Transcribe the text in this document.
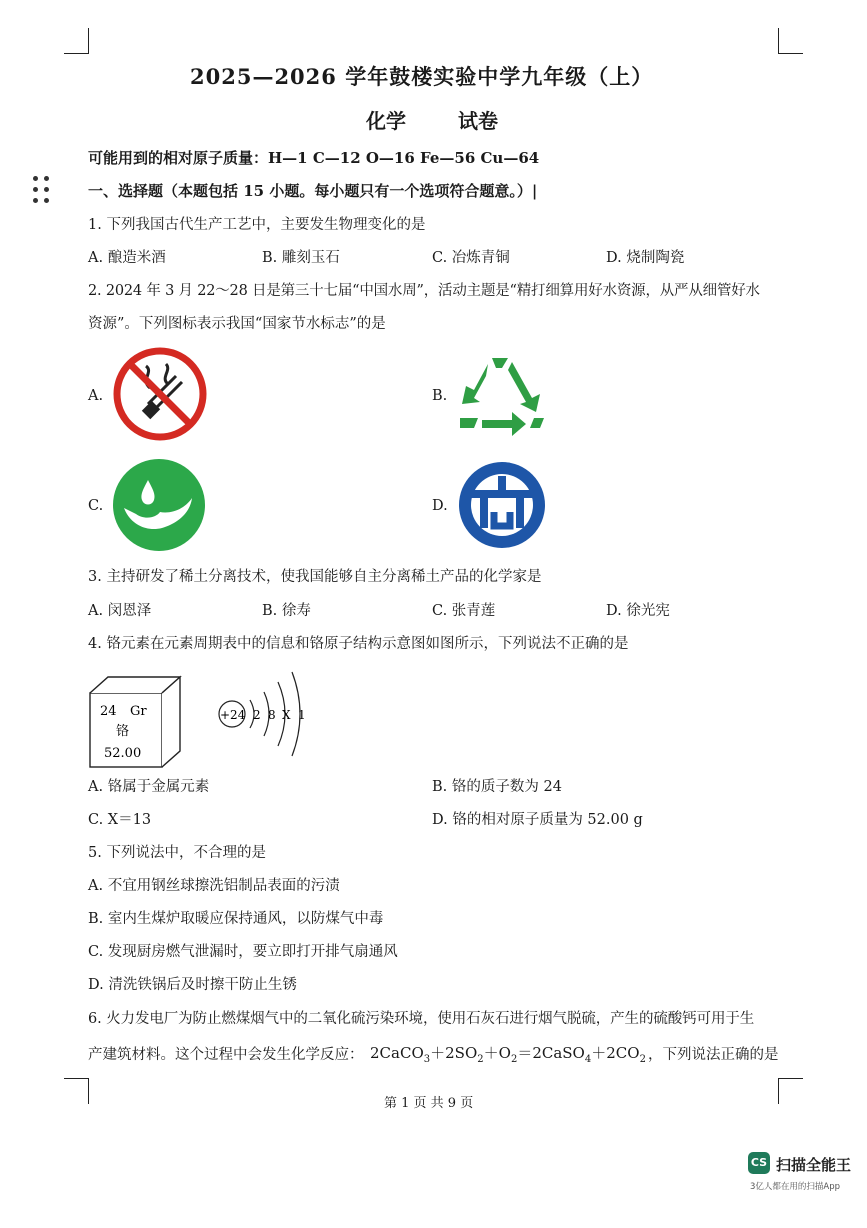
2025—2026 学年鼓楼实验中学九年级（上）
化学	试卷
可能用到的相对原子质量：H—1 C—12 O—16 Fe—56 Cu—64
一、选择题（本题包括 15 小题。每小题只有一个选项符合题意。）|
1. 下列我国古代生产工艺中，主要发生物理变化的是
A. 酿造米酒	B. 雕刻玉石	C. 冶炼青铜	D. 烧制陶瓷
2. 2024 年 3 月 22～28 日是第三十七届“中国水周”，活动主题是“精打细算用好水资源，从严从细管好水
资源”。下列图标表示我国“国家节水标志”的是
A.	B.
C.	D.
3. 主持研发了稀土分离技术，使我国能够自主分离稀土产品的化学家是
A. 闵恩泽	B. 徐寿	C. 张青莲	D. 徐光宪
4. 铬元素在元素周期表中的信息和铬原子结构示意图如图所示，下列说法不正确的是
24 Gr
铬
52.00
+24 2 8 X 1
A. 铬属于金属元素	B. 铬的质子数为 24
C. X＝13	D. 铬的相对原子质量为 52.00 g
5. 下列说法中，不合理的是
A. 不宜用钢丝球擦洗铝制品表面的污渍
B. 室内生煤炉取暖应保持通风，以防煤气中毒
C. 发现厨房燃气泄漏时，要立即打开排气扇通风
D. 清洗铁锅后及时擦干防止生锈
6. 火力发电厂为防止燃煤烟气中的二氧化硫污染环境，使用石灰石进行烟气脱硫，产生的硫酸钙可用于生
产建筑材料。这个过程中会发生化学反应： $2CaCO_3+2SO_2+O_2=2CaSO_4+2CO_2$ ，下列说法正确的是
第 1 页 共 9 页
CS 扫描全能王
3亿人都在用的扫描App
